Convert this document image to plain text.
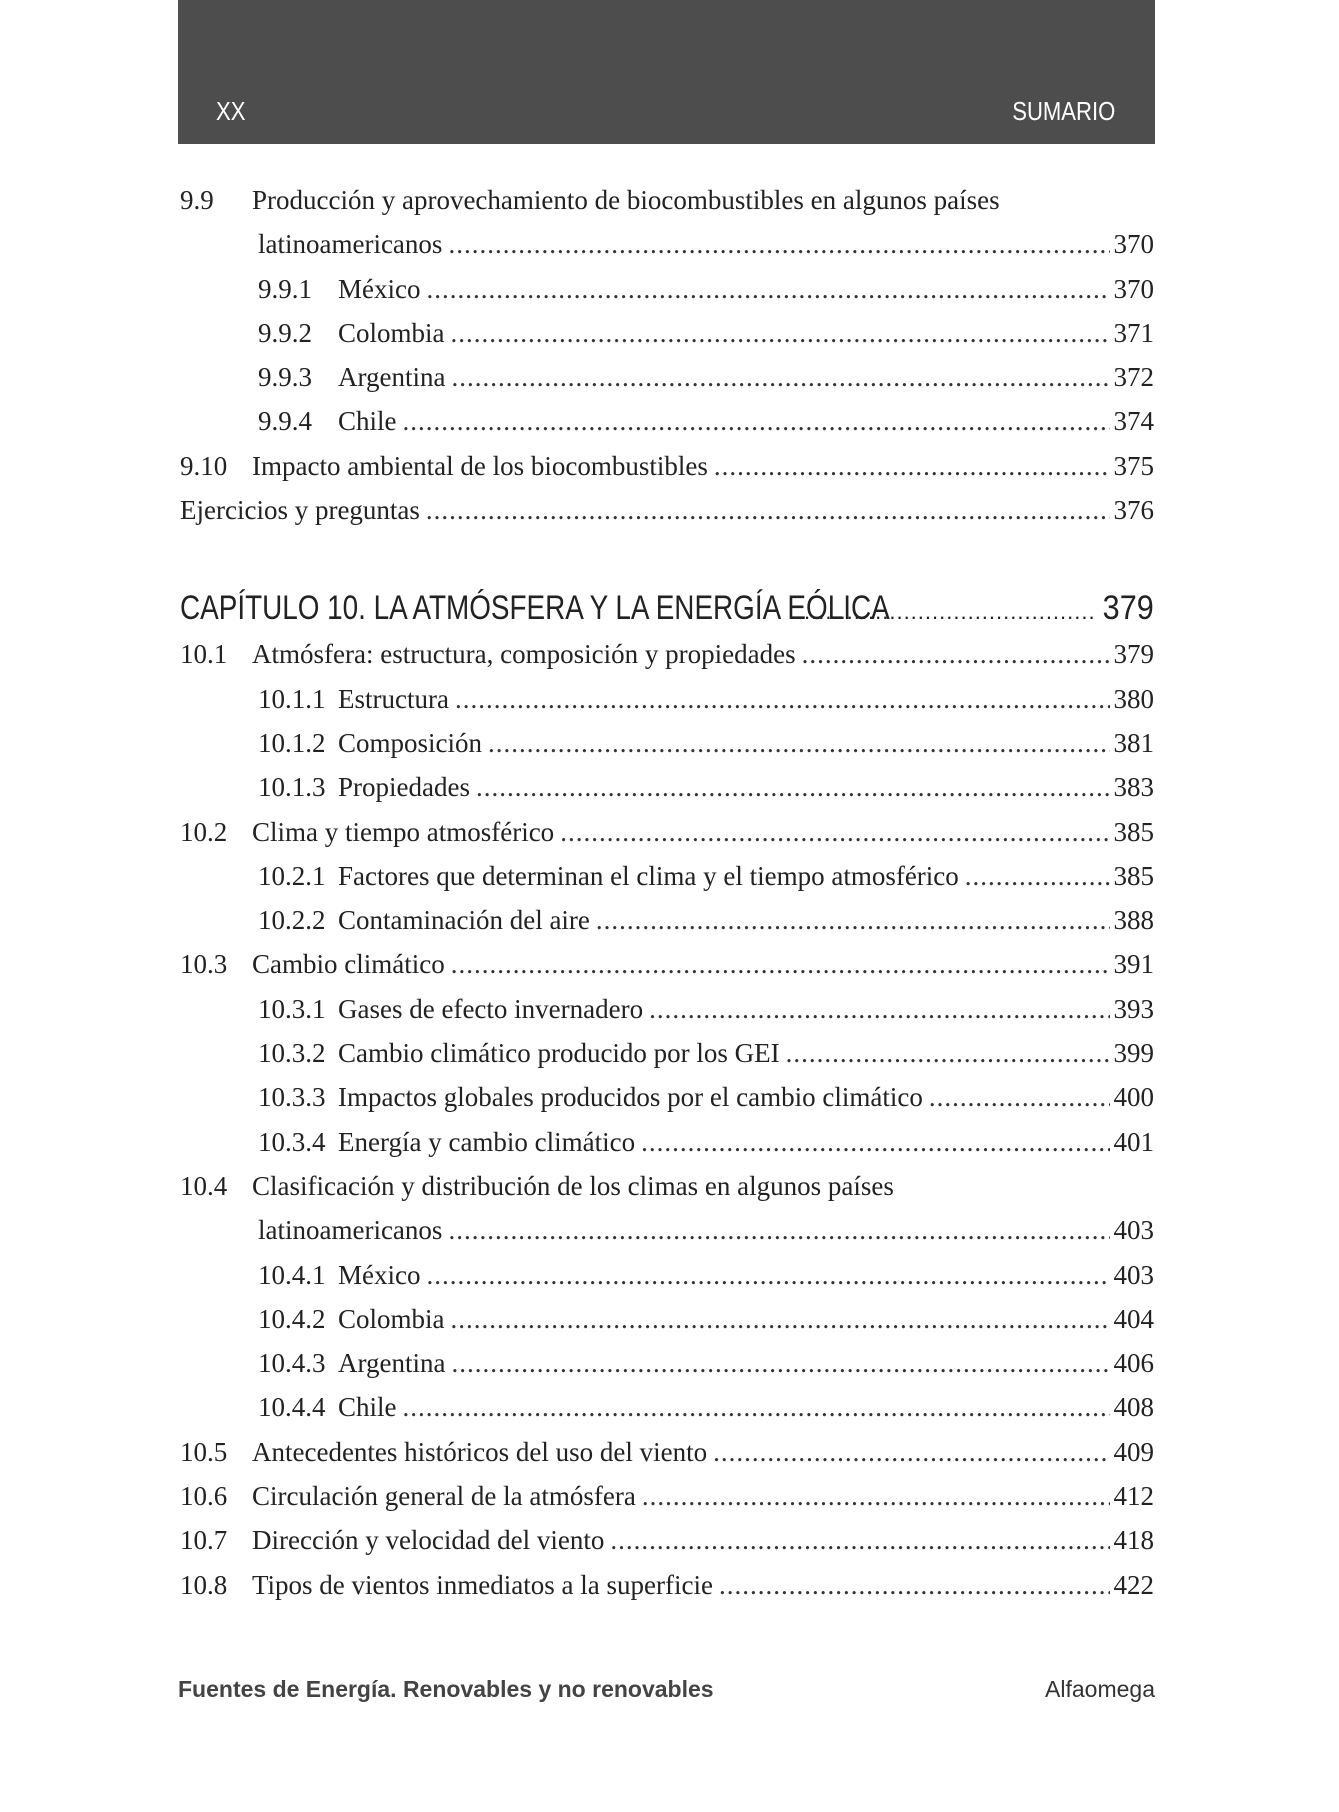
XX	SUMARIO
9.9	Producción y aprovechamiento de biocombustibles en algunos países
latinoamericanos .....	370
9.9.1 México .....	370
9.9.2 Colombia .....	371
9.9.3 Argentina .....	372
9.9.4 Chile .....	374
9.10 Impacto ambiental de los biocombustibles .....	375
Ejercicios y preguntas .....	376
CAPÍTULO 10. LA ATMÓSFERA Y LA ENERGÍA EÓLICA .....	379
10.1 Atmósfera: estructura, composición y propiedades .....	379
10.1.1 Estructura .....	380
10.1.2 Composición .....	381
10.1.3 Propiedades .....	383
10.2 Clima y tiempo atmosférico .....	385
10.2.1 Factores que determinan el clima y el tiempo atmosférico .....	385
10.2.2 Contaminación del aire .....	388
10.3 Cambio climático .....	391
10.3.1 Gases de efecto invernadero .....	393
10.3.2 Cambio climático producido por los GEI .....	399
10.3.3 Impactos globales producidos por el cambio climático .....	400
10.3.4 Energía y cambio climático .....	401
10.4 Clasificación y distribución de los climas en algunos países
latinoamericanos .....	403
10.4.1 México .....	403
10.4.2 Colombia .....	404
10.4.3 Argentina .....	406
10.4.4 Chile .....	408
10.5 Antecedentes históricos del uso del viento .....	409
10.6 Circulación general de la atmósfera .....	412
10.7 Dirección y velocidad del viento .....	418
10.8 Tipos de vientos inmediatos a la superficie .....	422
Fuentes de Energía. Renovables y no renovables	Alfaomega
